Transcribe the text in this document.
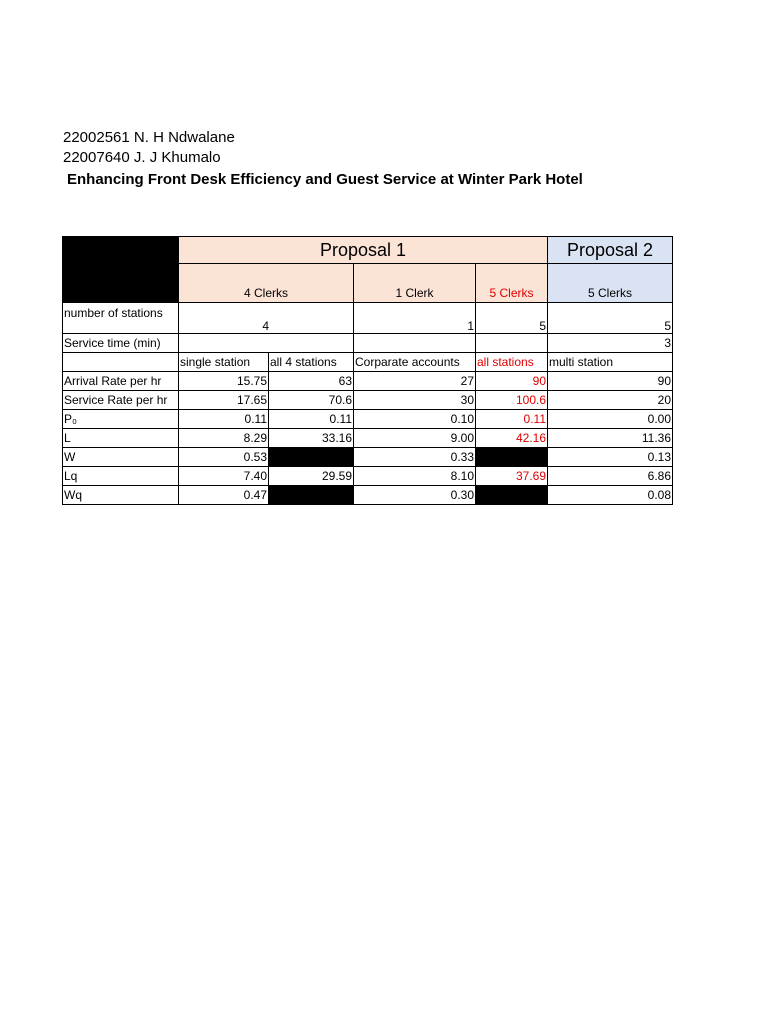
22002561 N. H Ndwalane
22007640 J. J Khumalo
Enhancing Front Desk Efficiency and Guest Service at Winter Park Hotel
	Proposal 1				Proposal 2
	4 Clerks		1 Clerk	5 Clerks	5 Clerks
number of stations	4		1	5	5
Service time (min)					3
	single station	all 4 stations	Corparate accounts	all stations	multi station
Arrival Rate per hr	15.75	63	27	90	90
Service Rate per hr	17.65	70.6	30	100.6	20
P₀	0.11	0.11	0.10	0.11	0.00
L	8.29	33.16	9.00	42.16	11.36
W	0.53		0.33		0.13
Lq	7.40	29.59	8.10	37.69	6.86
Wq	0.47		0.30		0.08
